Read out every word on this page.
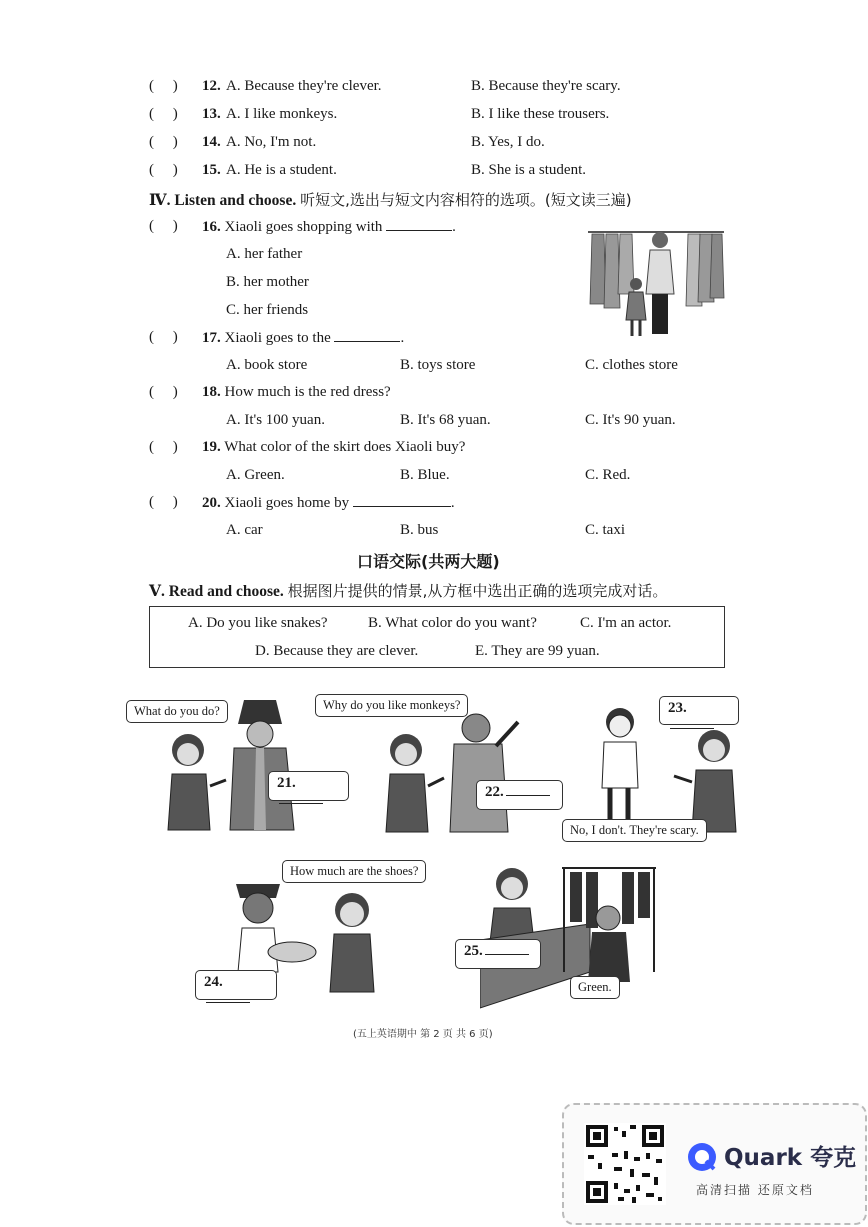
( ) 12. A. Because they're clever.	B. Because they're scary.
( ) 13. A. I like monkeys.	B. I like these trousers.
( ) 14. A. No, I'm not.	B. Yes, I do.
( ) 15. A. He is a student.	B. She is a student.
Ⅳ. Listen and choose. 听短文,选出与短文内容相符的选项。(短文读三遍)
(     ) 16. Xiaoli goes shopping with	.
A. her father
B. her mother
C. her friends
(     ) 17. Xiaoli goes to the	.
A. book store	B. toys store	C. clothes store
(     ) 18. How much is the red dress?
A. It's 100 yuan.	B. It's 68 yuan.	C. It's 90 yuan.
(     ) 19. What color of the skirt does Xiaoli buy?
A. Green.	B. Blue.	C. Red.
(     ) 20. Xiaoli goes home by	.
A. car	B. bus	C. taxi
口语交际(共两大题)
Ⅴ. Read and choose. 根据图片提供的情景,从方框中选出正确的选项完成对话。
A. Do you like snakes?	B. What color do you want?	C. I'm an actor.
D. Because they are clever.	E. They are 99 yuan.
What do you do?
21.
Why do you like monkeys?
22.
23.
No, I don't. They're scary.
How much are the shoes?
24.
25.
Green.
(五上英语期中 第 2 页 共 6 页)
Quark 夸克
高清扫描 还原文档
